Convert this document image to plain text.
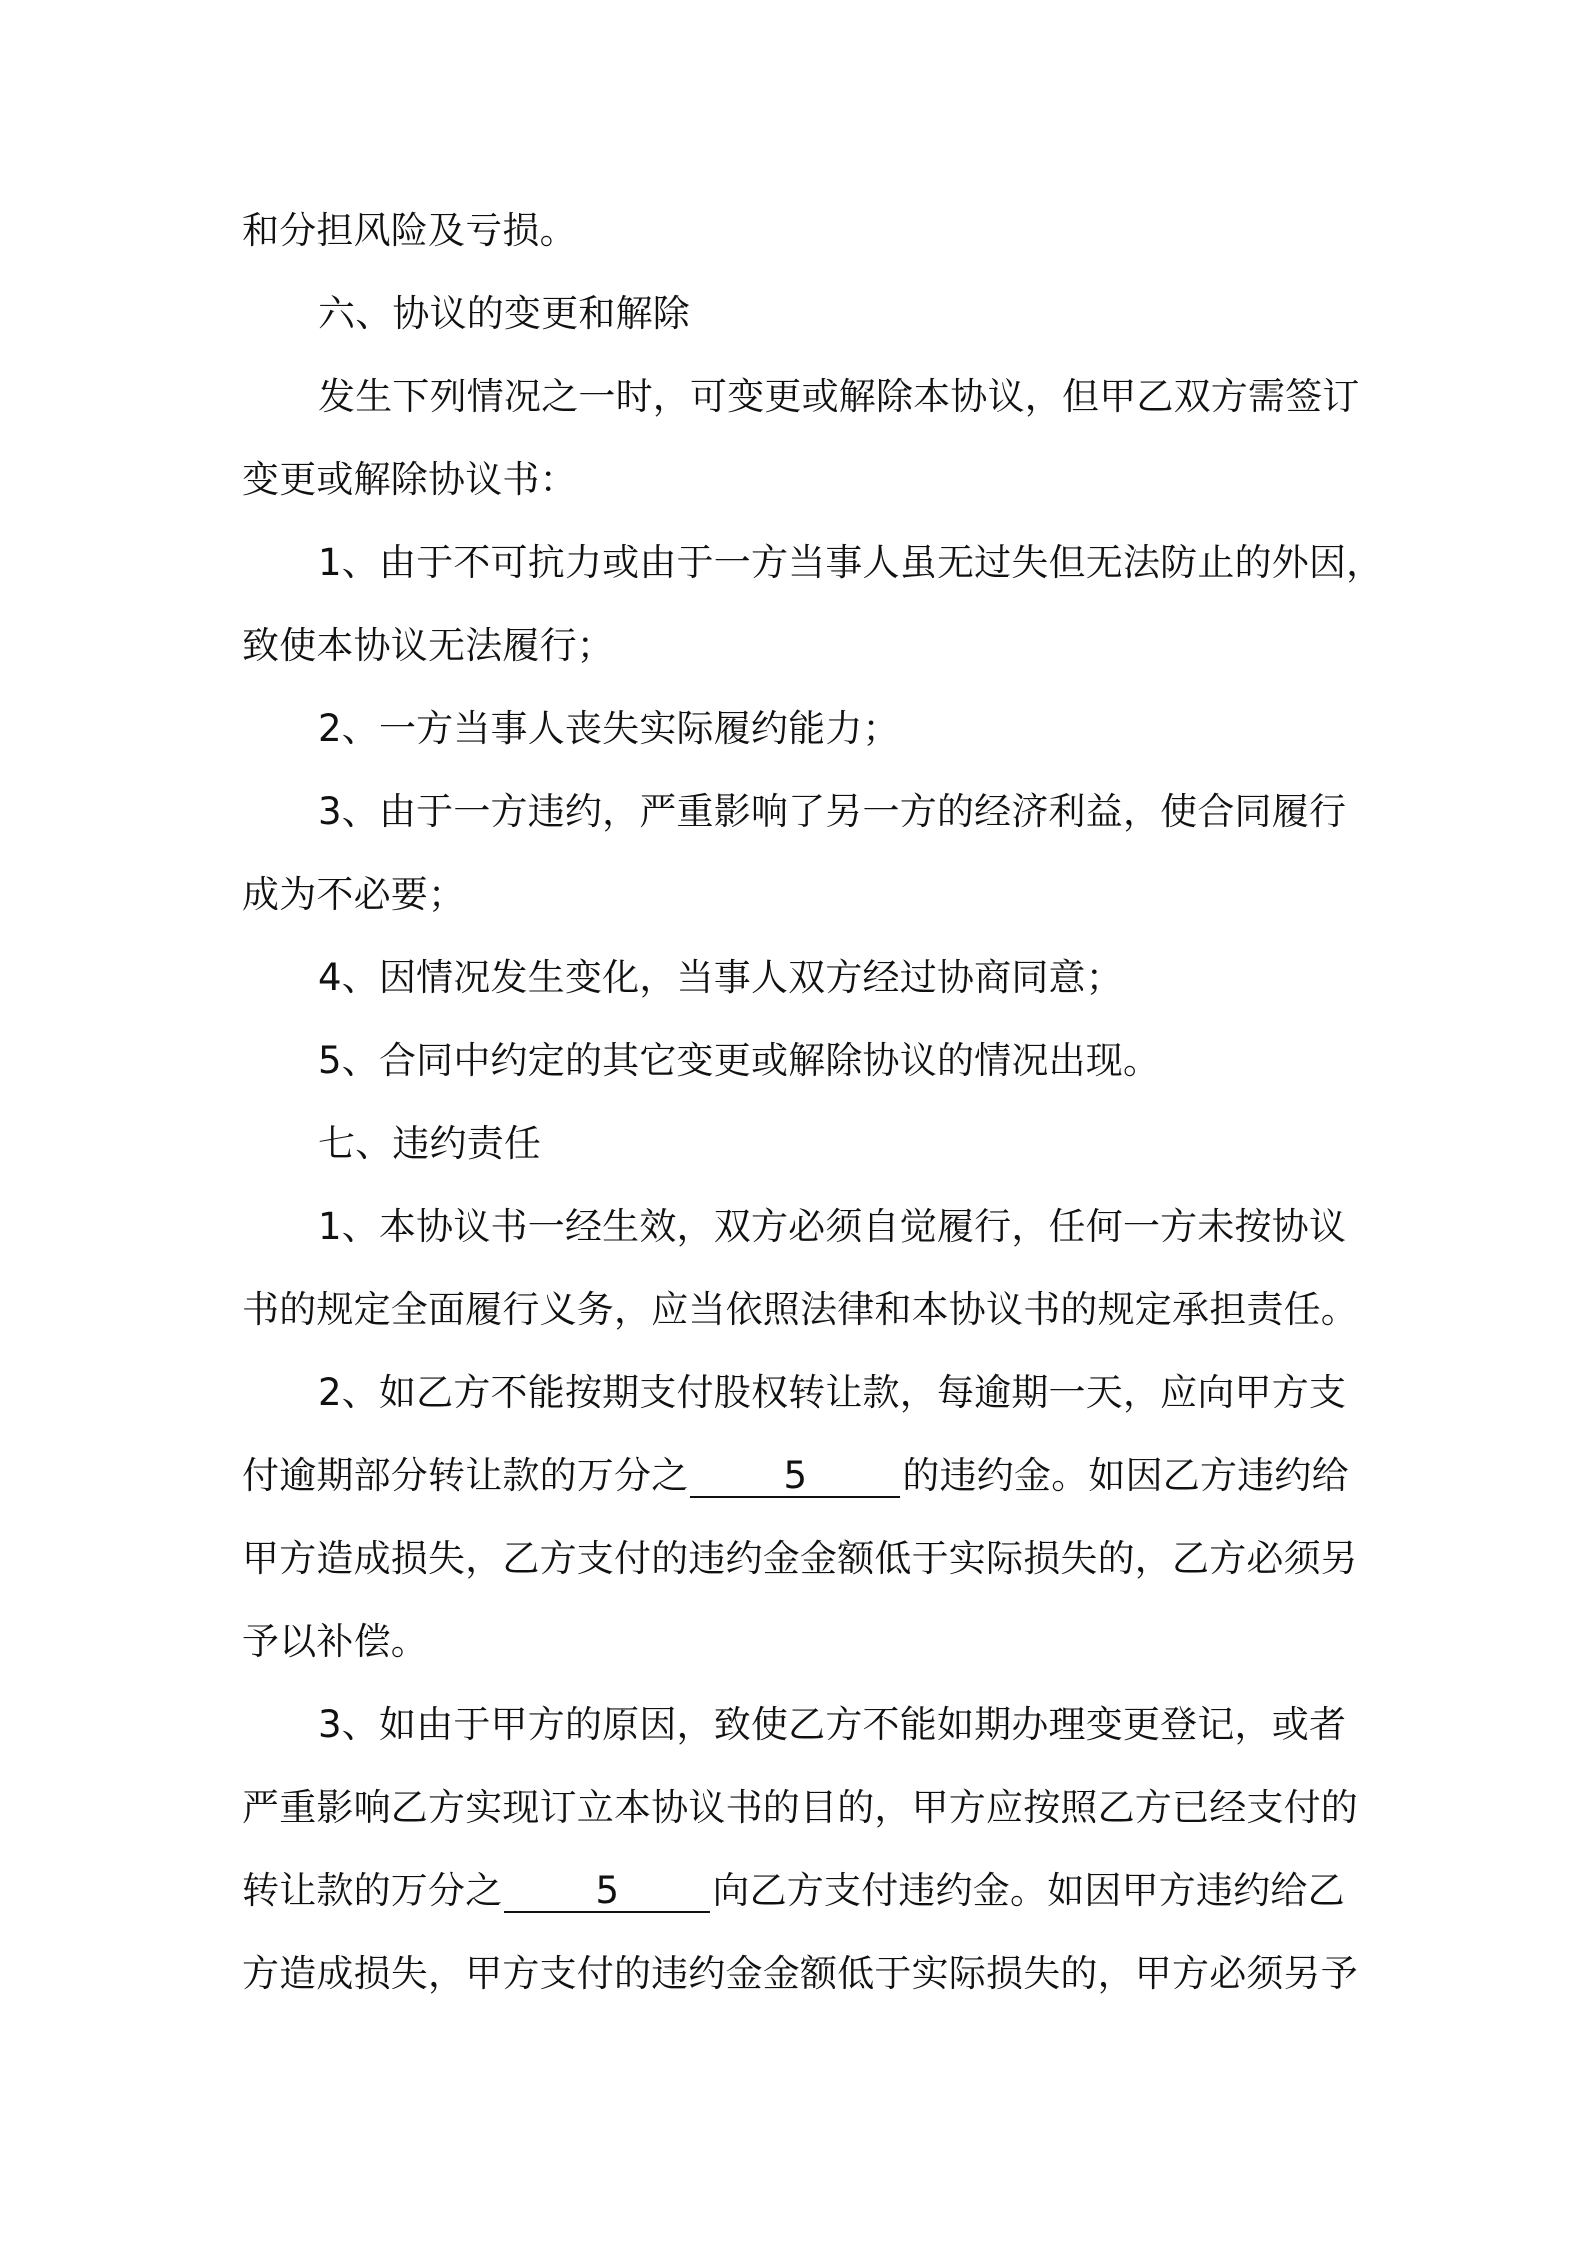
和分担风险及亏损。
六、协议的变更和解除
发生下列情况之一时，可变更或解除本协议，但甲乙双方需签订
变更或解除协议书：
1、由于不可抗力或由于一方当事人虽无过失但无法防止的外因，
致使本协议无法履行；
2、一方当事人丧失实际履约能力；
3、由于一方违约，严重影响了另一方的经济利益，使合同履行
成为不必要；
4、因情况发生变化，当事人双方经过协商同意；
5、合同中约定的其它变更或解除协议的情况出现。
七、违约责任
1、本协议书一经生效，双方必须自觉履行，任何一方未按协议
书的规定全面履行义务，应当依照法律和本协议书的规定承担责任。
2、如乙方不能按期支付股权转让款，每逾期一天，应向甲方支
付逾期部分转让款的万分之	5	的违约金。如因乙方违约给
甲方造成损失，乙方支付的违约金金额低于实际损失的，乙方必须另
予以补偿。
3、如由于甲方的原因，致使乙方不能如期办理变更登记，或者
严重影响乙方实现订立本协议书的目的，甲方应按照乙方已经支付的
转让款的万分之	5	向乙方支付违约金。如因甲方违约给乙
方造成损失，甲方支付的违约金金额低于实际损失的，甲方必须另予
